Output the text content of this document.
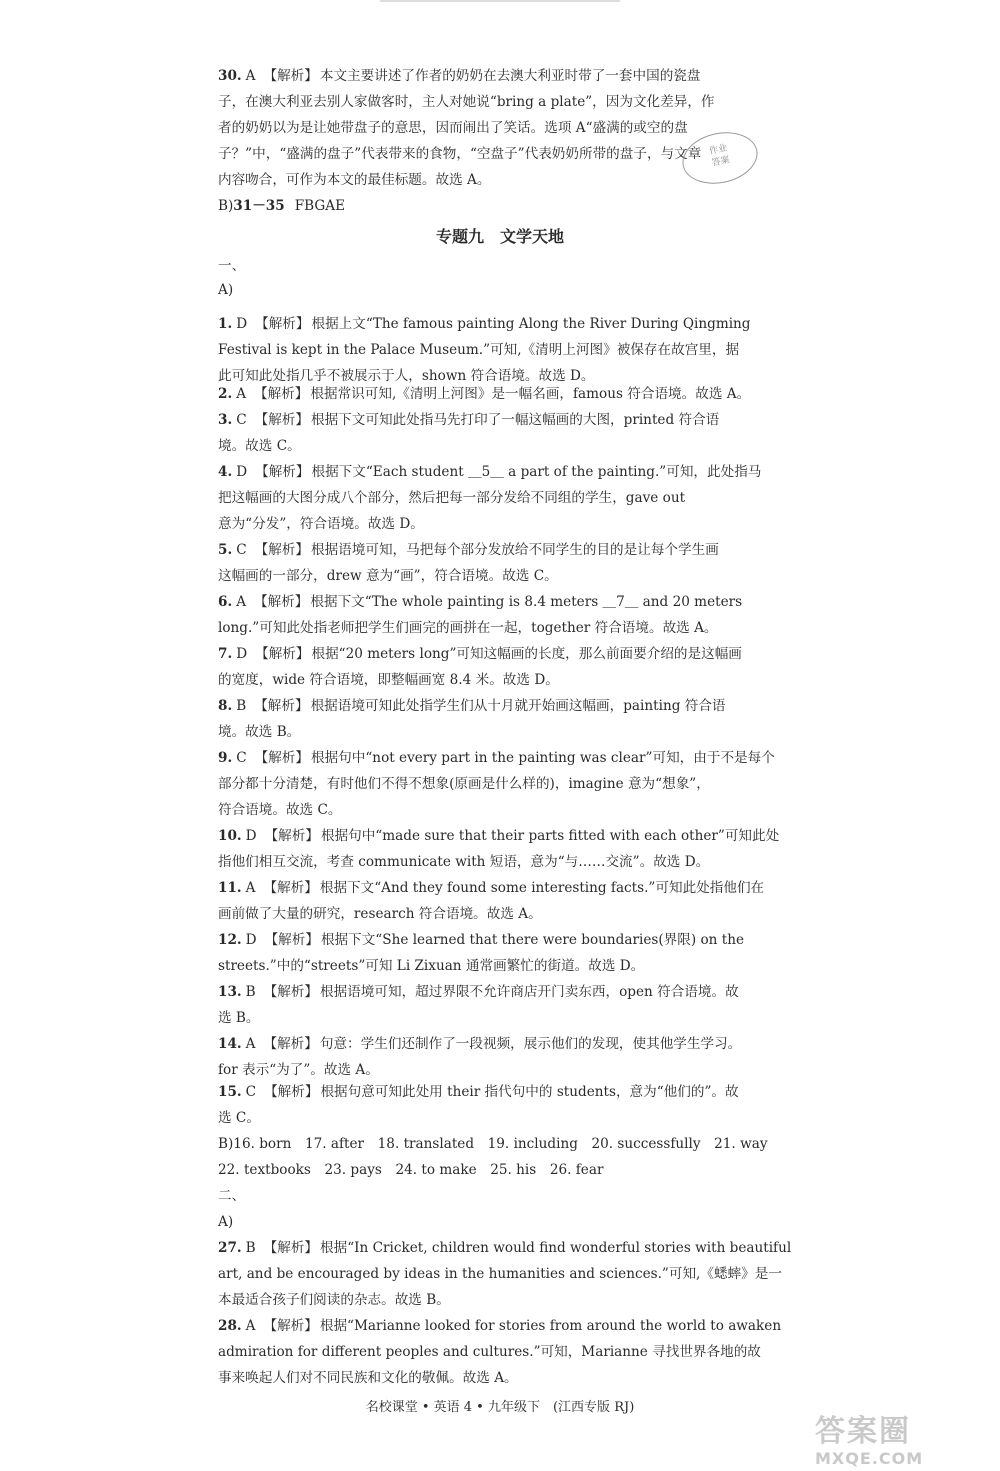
30. A 【解析】 本文主要讲述了作者的奶奶在去澳大利亚时带了一套中国的瓷盘
子，在澳大利亚去别人家做客时，主人对她说“bring a plate”，因为文化差异，作
者的奶奶以为是让她带盘子的意思，因而闹出了笑话。选项 A“盛满的或空的盘
子？”中，“盛满的盘子”代表带来的食物，“空盘子”代表奶奶所带的盘子，与文章
内容吻合，可作为本文的最佳标题。故选 A。
作业
答案
B)31－35 FBGAE
专题九　文学天地
一、
A)
1. D 【解析】 根据上文“The famous painting Along the River During Qingming
Festival is kept in the Palace Museum.”可知,《清明上河图》被保存在故宫里，据
此可知此处指几乎不被展示于人，shown 符合语境。故选 D。
2. A 【解析】 根据常识可知,《清明上河图》是一幅名画，famous 符合语境。故选 A。
3. C 【解析】 根据下文可知此处指马先打印了一幅这幅画的大图，printed 符合语
境。故选 C。
4. D 【解析】 根据下文“Each student ＿5＿ a part of the painting.”可知，此处指马
把这幅画的大图分成八个部分，然后把每一部分发给不同组的学生，gave out
意为“分发”，符合语境。故选 D。
5. C 【解析】 根据语境可知，马把每个部分发放给不同学生的目的是让每个学生画
这幅画的一部分，drew 意为“画”，符合语境。故选 C。
6. A 【解析】 根据下文“The whole painting is 8.4 meters ＿7＿ and 20 meters
long.”可知此处指老师把学生们画完的画拼在一起，together 符合语境。故选 A。
7. D 【解析】 根据“20 meters long”可知这幅画的长度，那么前面要介绍的是这幅画
的宽度，wide 符合语境，即整幅画宽 8.4 米。故选 D。
8. B 【解析】 根据语境可知此处指学生们从十月就开始画这幅画，painting 符合语
境。故选 B。
9. C 【解析】 根据句中“not every part in the painting was clear”可知，由于不是每个
部分都十分清楚，有时他们不得不想象(原画是什么样的)，imagine 意为“想象”，
符合语境。故选 C。
10. D 【解析】 根据句中“made sure that their parts fitted with each other”可知此处
指他们相互交流，考查 communicate with 短语，意为“与……交流”。故选 D。
11. A 【解析】 根据下文“And they found some interesting facts.”可知此处指他们在
画前做了大量的研究，research 符合语境。故选 A。
12. D 【解析】 根据下文“She learned that there were boundaries(界限) on the
streets.”中的“streets”可知 Li Zixuan 通常画繁忙的街道。故选 D。
13. B 【解析】 根据语境可知，超过界限不允许商店开门卖东西，open 符合语境。故
选 B。
14. A 【解析】 句意：学生们还制作了一段视频，展示他们的发现，使其他学生学习。
for 表示“为了”。故选 A。
15. C 【解析】 根据句意可知此处用 their 指代句中的 students，意为“他们的”。故
选 C。
B)16. born　17. after　18. translated　19. including　20. successfully　21. way
22. textbooks　23. pays　24. to make　25. his　26. fear
二、
A)
27. B 【解析】 根据“In Cricket, children would find wonderful stories with beautiful
art, and be encouraged by ideas in the humanities and sciences.”可知,《蟋蟀》是一
本最适合孩子们阅读的杂志。故选 B。
28. A 【解析】 根据“Marianne looked for stories from around the world to awaken
admiration for different peoples and cultures.”可知，Marianne 寻找世界各地的故
事来唤起人们对不同民族和文化的敬佩。故选 A。
名校课堂 • 英语 4 • 九年级下　(江西专版 RJ)
答案圈
MXQE.COM
